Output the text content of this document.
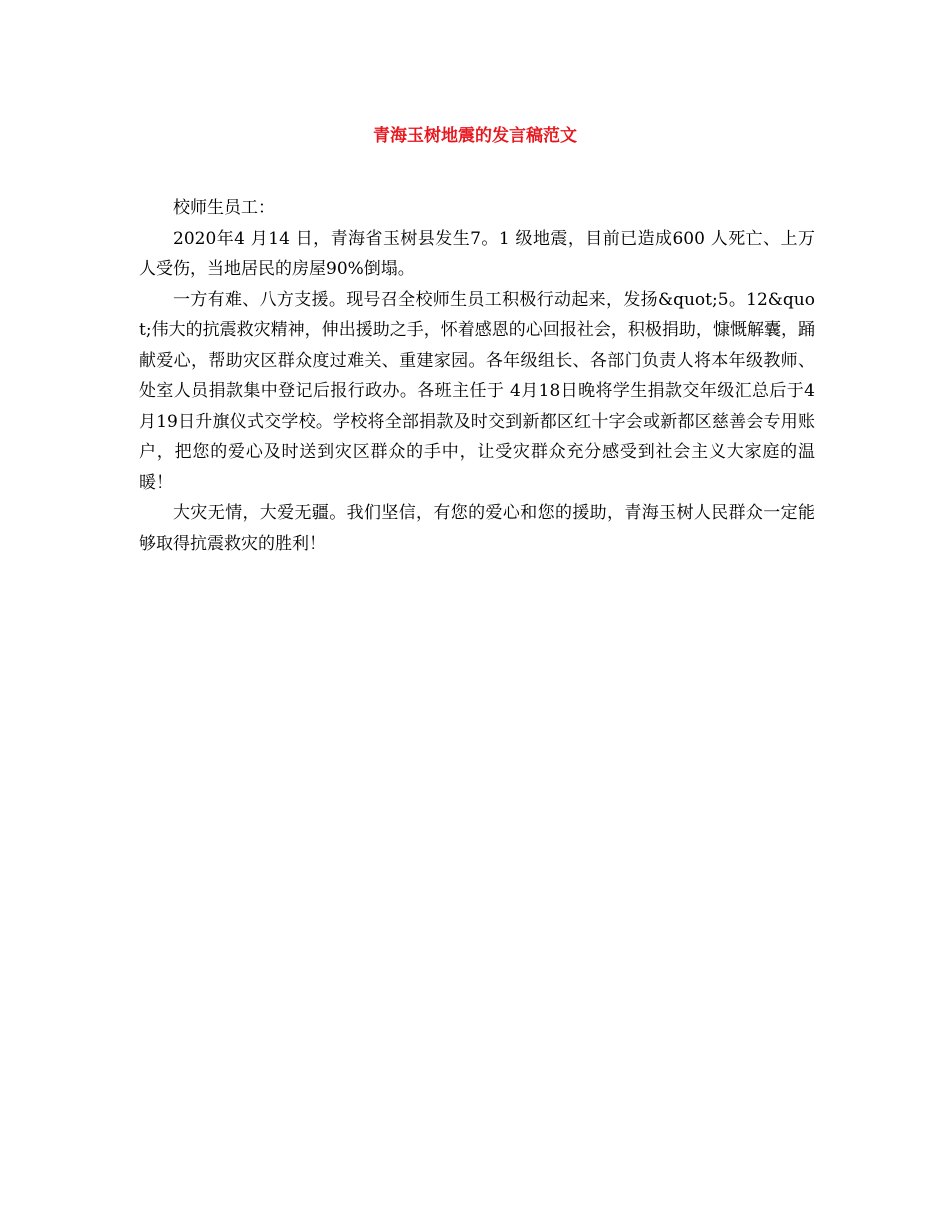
青海玉树地震的发言稿范文

校师生员工：

2020年4 月14 日，青海省玉树县发生7。1 级地震，目前已造成600 人死亡、上万人受伤，当地居民的房屋90%倒塌。

一方有难、八方支援。现号召全校师生员工积极行动起来，发扬&quot;5。12&quot;伟大的抗震救灾精神，伸出援助之手，怀着感恩的心回报社会，积极捐助，慷慨解囊，踊献爱心，帮助灾区群众度过难关、重建家园。各年级组长、各部门负责人将本年级教师、处室人员捐款集中登记后报行政办。各班主任于 4月18日晚将学生捐款交年级汇总后于4月19日升旗仪式交学校。学校将全部捐款及时交到新都区红十字会或新都区慈善会专用账户，把您的爱心及时送到灾区群众的手中，让受灾群众充分感受到社会主义大家庭的温暖！

大灾无情，大爱无疆。我们坚信，有您的爱心和您的援助，青海玉树人民群众一定能够取得抗震救灾的胜利！
